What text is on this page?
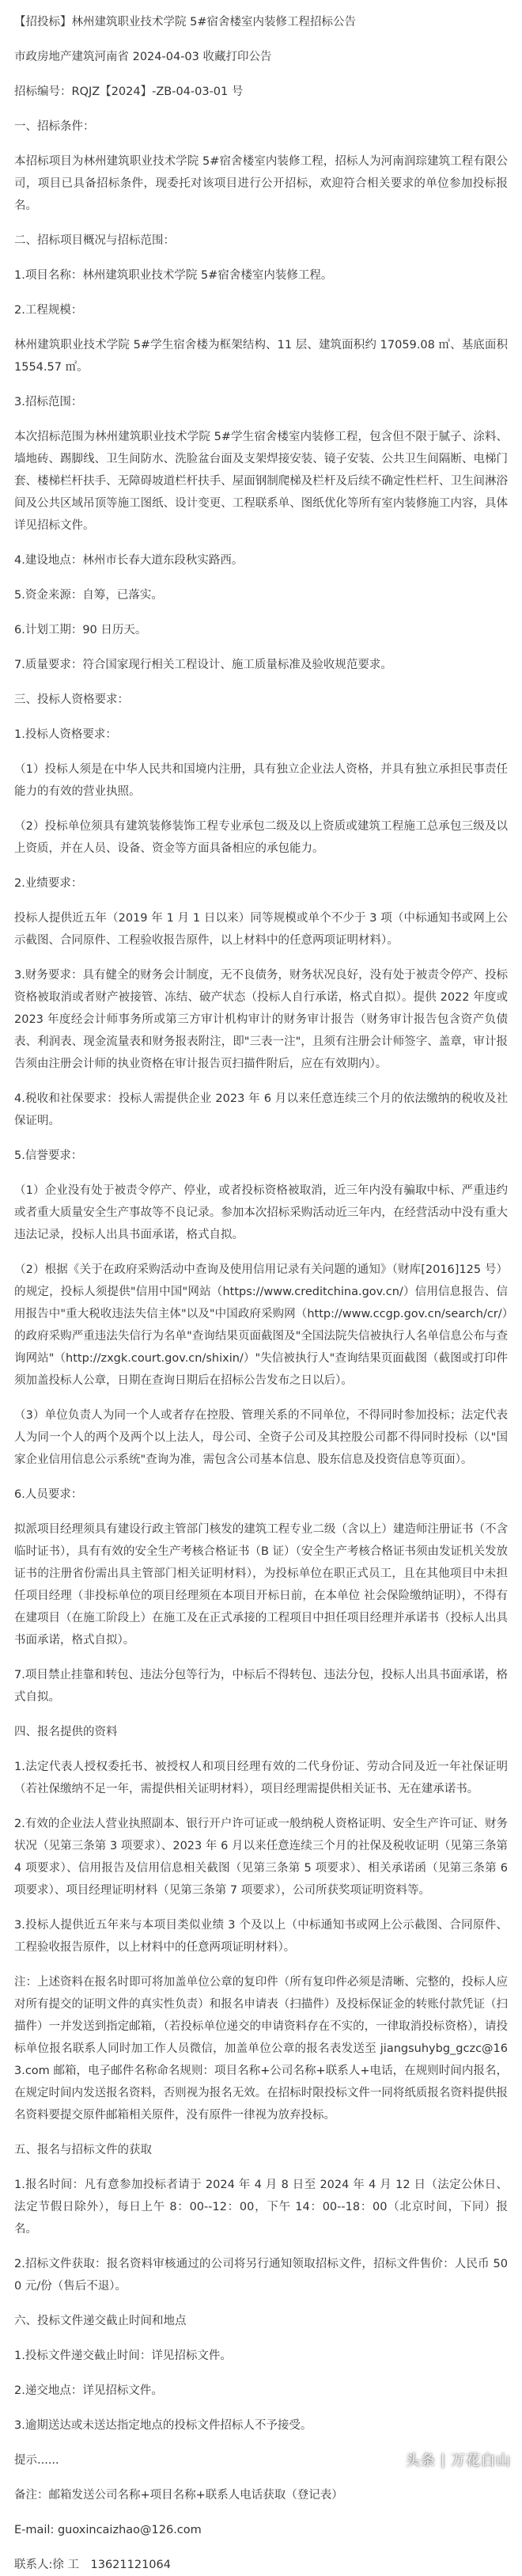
【招投标】林州建筑职业技术学院 5#宿舍楼室内装修工程招标公告

市政房地产建筑河南省 2024-04-03 收藏打印公告

招标编号：RQJZ【2024】-ZB-04-03-01 号

一、招标条件：

本招标项目为林州建筑职业技术学院 5#宿舍楼室内装修工程，招标人为河南润琮建筑工程有限公司，项目已具备招标条件，现委托对该项目进行公开招标，欢迎符合相关要求的单位参加投标报名。

二、招标项目概况与招标范围：

1.项目名称：林州建筑职业技术学院 5#宿舍楼室内装修工程。

2.工程规模：

林州建筑职业技术学院 5#学生宿舍楼为框架结构、11 层、建筑面积约 17059.08 ㎡、基底面积 1554.57 ㎡。

3.招标范围：

本次招标范围为林州建筑职业技术学院 5#学生宿舍楼室内装修工程，包含但不限于腻子、涂料、墙地砖、踢脚线、卫生间防水、洗脸盆台面及支架焊接安装、镜子安装、公共卫生间隔断、电梯门套、楼梯栏杆扶手、无障碍坡道栏杆扶手、屋面钢制爬梯及栏杆及后续不确定性栏杆、卫生间淋浴间及公共区域吊顶等施工图纸、设计变更、工程联系单、图纸优化等所有室内装修施工内容，具体详见招标文件。

4.建设地点：林州市长春大道东段秋实路西。

5.资金来源：自筹，已落实。

6.计划工期：90 日历天。

7.质量要求：符合国家现行相关工程设计、施工质量标准及验收规范要求。

三、投标人资格要求：

1.投标人资格要求：

（1）投标人须是在中华人民共和国境内注册，具有独立企业法人资格，并具有独立承担民事责任能力的有效的营业执照。

（2）投标单位须具有建筑装修装饰工程专业承包二级及以上资质或建筑工程施工总承包三级及以上资质，并在人员、设备、资金等方面具备相应的承包能力。

2.业绩要求：

投标人提供近五年（2019 年 1 月 1 日以来）同等规模或单个不少于 3 项（中标通知书或网上公示截图、合同原件、工程验收报告原件，以上材料中的任意两项证明材料）。

3.财务要求：具有健全的财务会计制度，无不良债务，财务状况良好，没有处于被责令停产、投标资格被取消或者财产被接管、冻结、破产状态（投标人自行承诺，格式自拟）。提供 2022 年度或 2023 年度经会计师事务所或第三方审计机构审计的财务审计报告（财务审计报告包含资产负债表、利润表、现金流量表和财务报表附注，即"三表一注"，且须有注册会计师签字、盖章，审计报告须由注册会计师的执业资格在审计报告页扫描件附后，应在有效期内）。

4.税收和社保要求：投标人需提供企业 2023 年 6 月以来任意连续三个月的依法缴纳的税收及社保证明。

5.信誉要求：

（1）企业没有处于被责令停产、停业，或者投标资格被取消，近三年内没有骗取中标、严重违约或者重大质量安全生产事故等不良记录。参加本次招标采购活动近三年内，在经营活动中没有重大违法记录，投标人出具书面承诺，格式自拟。

（2）根据《关于在政府采购活动中查询及使用信用记录有关问题的通知》（财库[2016]125 号）的规定，投标人须提供"信用中国"网站（https://www.creditchina.gov.cn/）信用信息报告、信用报告中"重大税收违法失信主体"以及"中国政府采购网（http://www.ccgp.gov.cn/search/cr/）的政府采购严重违法失信行为名单"查询结果页面截图及"全国法院失信被执行人名单信息公布与查询网站"（http://zxgk.court.gov.cn/shixin/）"失信被执行人"查询结果页面截图（截图或打印件须加盖投标人公章，日期在查询日期后在招标公告发布之日以后）。

（3）单位负责人为同一个人或者存在控股、管理关系的不同单位，不得同时参加投标；法定代表人为同一个人的两个及两个以上法人，母公司、全资子公司及其控股公司都不得同时投标（以"国家企业信用信息公示系统"查询为准，需包含公司基本信息、股东信息及投资信息等页面）。

6.人员要求：

拟派项目经理须具有建设行政主管部门核发的建筑工程专业二级（含以上）建造师注册证书（不含临时证书），具有有效的安全生产考核合格证书（B 证）（安全生产考核合格证书须由发证机关发放证书的注册省份需出具主管部门相关证明材料），为投标单位在职正式员工，且在其他项目中未担任项目经理（非投标单位的项目经理须在本项目开标日前，在本单位 社会保险缴纳证明），不得有在建项目（在施工阶段上）在施工及在正式承接的工程项目中担任项目经理并承诺书（投标人出具书面承诺，格式自拟）。

7.项目禁止挂靠和转包、违法分包等行为，中标后不得转包、违法分包，投标人出具书面承诺，格式自拟。

四、报名提供的资料

1.法定代表人授权委托书、被授权人和项目经理有效的二代身份证、劳动合同及近一年社保证明（若社保缴纳不足一年，需提供相关证明材料），项目经理需提供相关证书、无在建承诺书。

2.有效的企业法人营业执照副本、银行开户许可证或一般纳税人资格证明、安全生产许可证、财务状况（见第三条第 3 项要求）、2023 年 6 月以来任意连续三个月的社保及税收证明（见第三条第 4 项要求）、信用报告及信用信息相关截图（见第三条第 5 项要求）、相关承诺函（见第三条第 6 项要求）、项目经理证明材料（见第三条第 7 项要求），公司所获奖项证明资料等。

3.投标人提供近五年来与本项目类似业绩 3 个及以上（中标通知书或网上公示截图、合同原件、工程验收报告原件，以上材料中的任意两项证明材料）。

注：上述资料在报名时即可将加盖单位公章的复印件（所有复印件必须是清晰、完整的，投标人应对所有提交的证明文件的真实性负责）和报名申请表（扫描件）及投标保证金的转账付款凭证（扫描件）一并发送到指定邮箱，（若投标单位递交的申请资料存在不实的，一律取消投标资格），请投标单位报名联系人同时加工作人员微信，加盖单位公章的报名表发送至 jiangsuhybg_gczc@163.com 邮箱，电子邮件名称命名规则：项目名称+公司名称+联系人+电话，在规则时间内报名，在规定时间内发送报名资料，否则视为报名无效。在招标时限投标文件一同将纸质报名资料提供报名资料要提交原件邮箱相关原件，没有原件一律视为放弃投标。

五、报名与招标文件的获取

1.报名时间：凡有意参加投标者请于 2024 年 4 月 8 日至 2024 年 4 月 12 日（法定公休日、法定节假日除外），每日上午 8：00--12：00，下午 14：00--18：00（北京时间，下同）报名。

2.招标文件获取：报名资料审核通过的公司将另行通知领取招标文件，招标文件售价：人民币 500 元/份（售后不退）。

六、投标文件递交截止时间和地点

1.投标文件递交截止时间：详见招标文件。

2.递交地点：详见招标文件。

3.逾期送达或未送达指定地点的投标文件招标人不予接受。

提示......

备注：邮箱发送公司名称+项目名称+联系人电话获取（登记表）

E-mail: guoxincaizhao@126.com

联系人:徐 工　13621121064

头条 | 万花白山
